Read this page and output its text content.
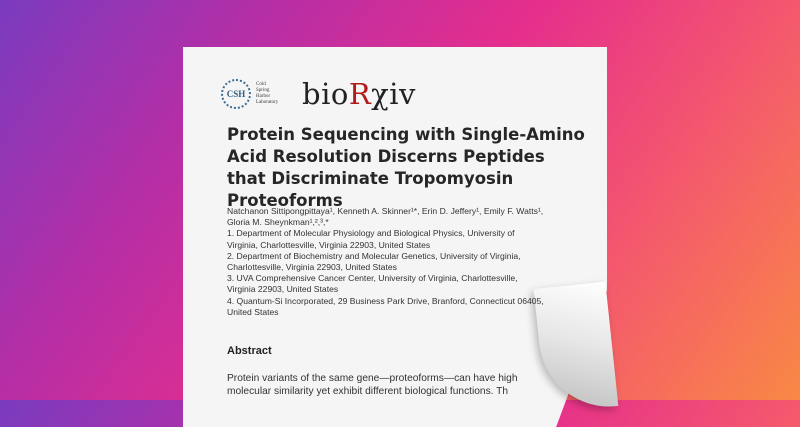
CSH
Cold
Spring
Harbor
Laboratory bioRχiv
Protein Sequencing with Single-Amino Acid Resolution Discerns Peptides that Discriminate Tropomyosin Proteoforms
Natchanon Sittipongpittaya¹, Kenneth A. Skinner¹*, Erin D. Jeffery¹, Emily F. Watts¹,
Gloria M. Sheynkman¹,²,³,*
1. Department of Molecular Physiology and Biological Physics, University of
Virginia, Charlottesville, Virginia 22903, United States
2. Department of Biochemistry and Molecular Genetics, University of Virginia,
Charlottesville, Virginia 22903, United States
3. UVA Comprehensive Cancer Center, University of Virginia, Charlottesville,
Virginia 22903, United States
4. Quantum-Si Incorporated, 29 Business Park Drive, Branford, Connecticut 06405,
United States
Abstract
Protein variants of the same gene—proteoforms—can have high
molecular similarity yet exhibit different biological functions. Th
